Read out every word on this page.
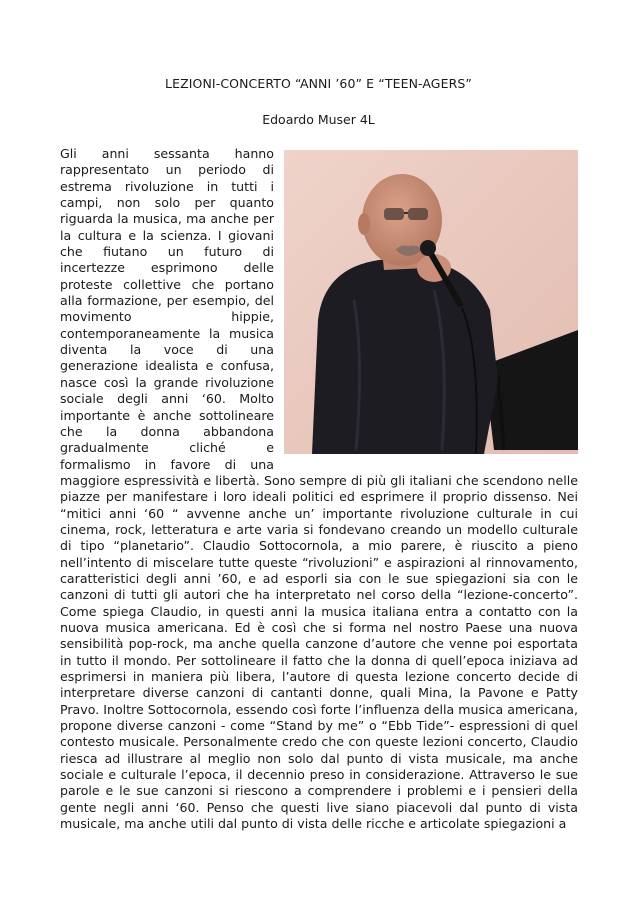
LEZIONI-CONCERTO “ANNI ’60” E “TEEN-AGERS”
Edoardo Muser 4L

Gli anni sessanta hanno rappresentato un periodo di estrema rivoluzione in tutti i campi, non solo per quanto riguarda la musica, ma anche per la cultura e la scienza. I giovani che fiutano un futuro di incertezze esprimono delle proteste collettive che portano alla formazione, per esempio, del movimento hippie, contemporaneamente la musica diventa la voce di una generazione idealista e confusa, nasce così la grande rivoluzione sociale degli anni ‘60. Molto importante è anche sottolineare che la donna abbandona gradualmente cliché e formalismo in favore di una maggiore espressività e libertà. Sono sempre di più gli italiani che scendono nelle piazze per manifestare i loro ideali politici ed esprimere il proprio dissenso. Nei “mitici anni ‘60 “ avvenne anche un’ importante rivoluzione culturale in cui cinema, rock, letteratura e arte varia si fondevano creando un modello culturale di tipo “planetario”. Claudio Sottocornola, a mio parere, è riuscito a pieno nell’intento di miscelare tutte queste “rivoluzioni” e aspirazioni al rinnovamento, caratteristici degli anni ’60, e ad esporli sia con le sue spiegazioni sia con le canzoni di tutti gli autori che ha interpretato nel corso della “lezione-concerto”. Come spiega Claudio, in questi anni la musica italiana entra a contatto con la nuova musica americana. Ed è così che si forma nel nostro Paese una nuova sensibilità pop-rock, ma anche quella canzone d’autore che venne poi esportata in tutto il mondo. Per sottolineare il fatto che la donna di quell’epoca iniziava ad esprimersi in maniera più libera, l’autore di questa lezione concerto decide di interpretare diverse canzoni di cantanti donne, quali Mina, la Pavone e Patty Pravo. Inoltre Sottocornola, essendo così forte l’influenza della musica americana, propone diverse canzoni - come “Stand by me” o “Ebb Tide”- espressioni di quel contesto musicale. Personalmente credo che con queste lezioni concerto, Claudio riesca ad illustrare al meglio non solo dal punto di vista musicale, ma anche sociale e culturale l’epoca, il decennio preso in considerazione. Attraverso le sue parole e le sue canzoni si riescono a comprendere i problemi e i pensieri della gente negli anni ‘60. Penso che questi live siano piacevoli dal punto di vista musicale, ma anche utili dal punto di vista delle ricche e articolate spiegazioni a
